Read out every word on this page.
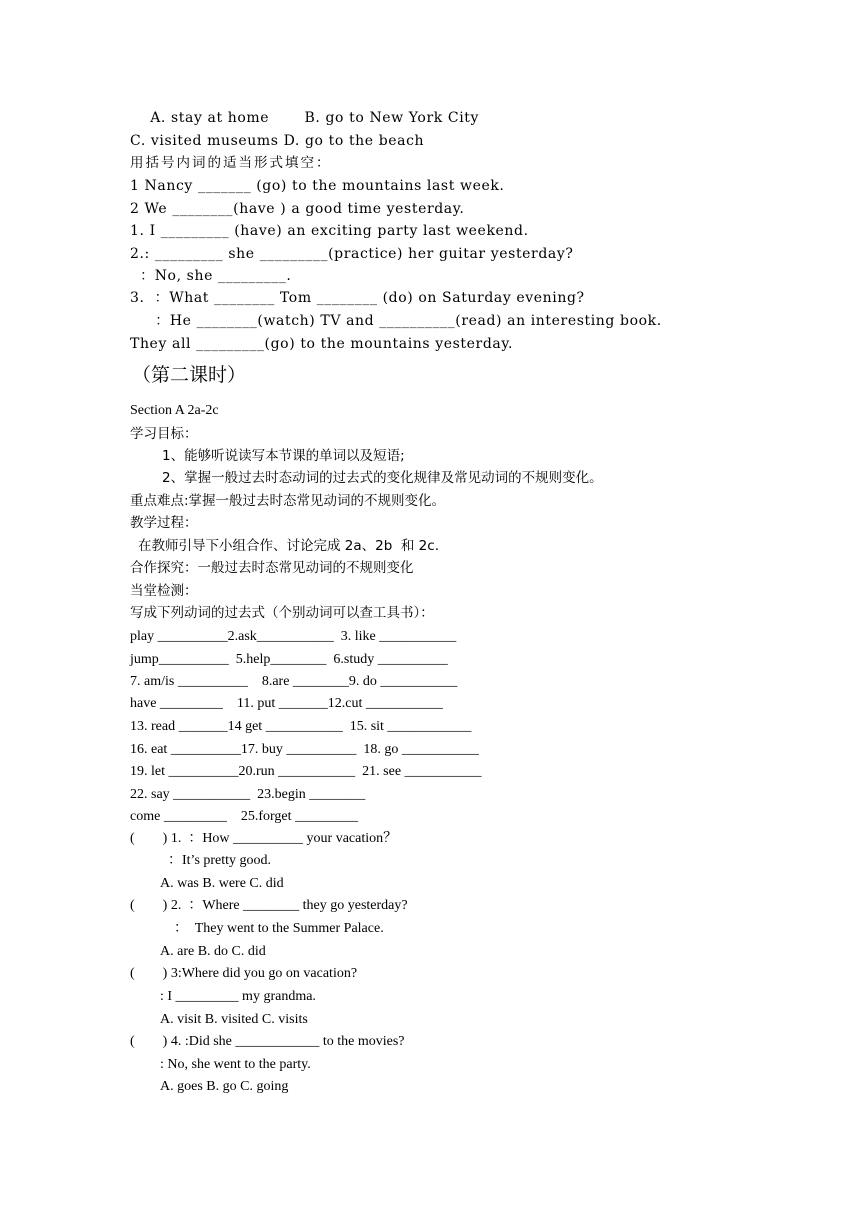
A. stay at home       B. go to New York City
C. visited museums D. go to the beach
用括号内词的适当形式填空：
1 Nancy _______ (go) to the mountains last week.
2 We ________(have ) a good time yesterday.
1. I _________ (have) an exciting party last weekend.
2.: _________ she _________(practice) her guitar yesterday?
：No, she _________.
3.  ：What ________ Tom ________ (do) on Saturday evening?
：He ________(watch) TV and __________(read) an interesting book.
They all _________(go) to the mountains yesterday.
（第二课时）
Section A 2a-2c
学习目标：
1、能够听说读写本节课的单词以及短语;
2、掌握一般过去时态动词的过去式的变化规律及常见动词的不规则变化。
重点难点:掌握一般过去时态常见动词的不规则变化。
教学过程：
在教师引导下小组合作、讨论完成 2a、2b  和 2c.
合作探究：一般过去时态常见动词的不规则变化
当堂检测：
写成下列动词的过去式（个别动词可以查工具书）：
play __________2.ask___________  3. like ___________
jump__________  5.help________  6.study __________
7. am/is __________    8.are ________9. do ___________
have _________    11. put _______12.cut ___________
13. read _______14 get ___________  15. sit ____________
16. eat __________17. buy __________  18. go ___________
19. let __________20.run ___________  21. see ___________
22. say ___________  23.begin ________
come _________    25.forget _________
(        ) 1.  ：How __________ your vacation？
：It’s pretty good.
A. was B. were C. did
(        ) 2.  ：Where ________ they go yesterday?
：  They went to the Summer Palace.
A. are B. do C. did
(        ) 3:Where did you go on vacation?
: I _________ my grandma.
A. visit B. visited C. visits
(        ) 4. :Did she ____________ to the movies?
: No, she went to the party.
A. goes B. go C. going
